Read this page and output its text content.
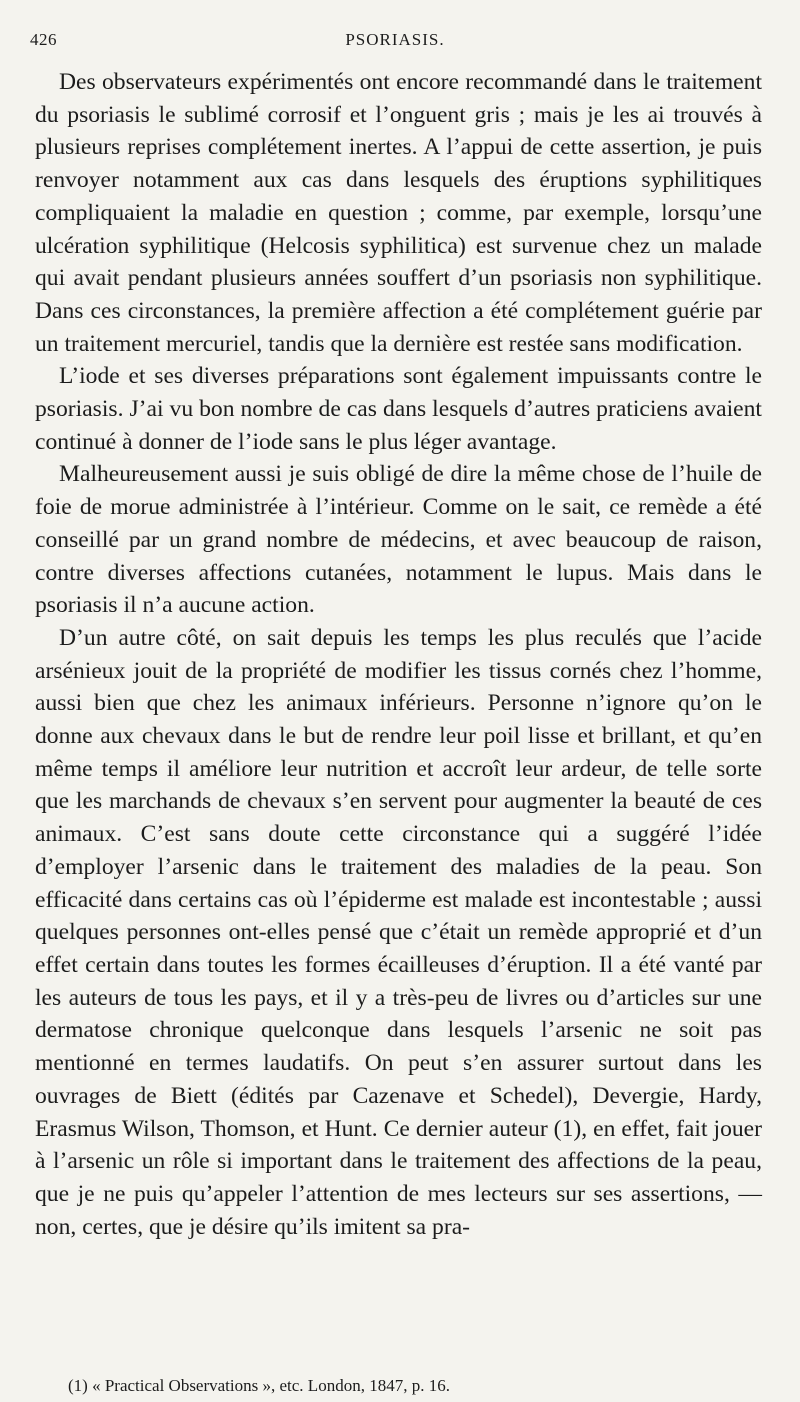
426	PSORIASIS.

Des observateurs expérimentés ont encore recommandé dans le traitement du psoriasis le sublimé corrosif et l’onguent gris ; mais je les ai trouvés à plusieurs reprises complétement inertes. A l’appui de cette assertion, je puis renvoyer notamment aux cas dans lesquels des éruptions syphilitiques compliquaient la maladie en question ; comme, par exemple, lorsqu’une ulcération syphilitique (Helcosis syphilitica) est survenue chez un malade qui avait pendant plusieurs années souffert d’un psoriasis non syphilitique. Dans ces circonstances, la première affection a été complétement guérie par un traitement mercuriel, tandis que la dernière est restée sans modification.

L’iode et ses diverses préparations sont également impuissants contre le psoriasis. J’ai vu bon nombre de cas dans lesquels d’autres praticiens avaient continué à donner de l’iode sans le plus léger avantage.

Malheureusement aussi je suis obligé de dire la même chose de l’huile de foie de morue administrée à l’intérieur. Comme on le sait, ce remède a été conseillé par un grand nombre de médecins, et avec beaucoup de raison, contre diverses affections cutanées, notamment le lupus. Mais dans le psoriasis il n’a aucune action.

D’un autre côté, on sait depuis les temps les plus reculés que l’acide arsénieux jouit de la propriété de modifier les tissus cornés chez l’homme, aussi bien que chez les animaux inférieurs. Personne n’ignore qu’on le donne aux chevaux dans le but de rendre leur poil lisse et brillant, et qu’en même temps il améliore leur nutrition et accroît leur ardeur, de telle sorte que les marchands de chevaux s’en servent pour augmenter la beauté de ces animaux. C’est sans doute cette circonstance qui a suggéré l’idée d’employer l’arsenic dans le traitement des maladies de la peau. Son efficacité dans certains cas où l’épiderme est malade est incontestable ; aussi quelques personnes ont-elles pensé que c’était un remède approprié et d’un effet certain dans toutes les formes écailleuses d’éruption. Il a été vanté par les auteurs de tous les pays, et il y a très-peu de livres ou d’articles sur une dermatose chronique quelconque dans lesquels l’arsenic ne soit pas mentionné en termes laudatifs. On peut s’en assurer surtout dans les ouvrages de Biett (édités par Cazenave et Schedel), Devergie, Hardy, Erasmus Wilson, Thomson, et Hunt. Ce dernier auteur (1), en effet, fait jouer à l’arsenic un rôle si important dans le traitement des affections de la peau, que je ne puis qu’appeler l’attention de mes lecteurs sur ses assertions, — non, certes, que je désire qu’ils imitent sa pra-

(1) « Practical Observations », etc. London, 1847, p. 16.
